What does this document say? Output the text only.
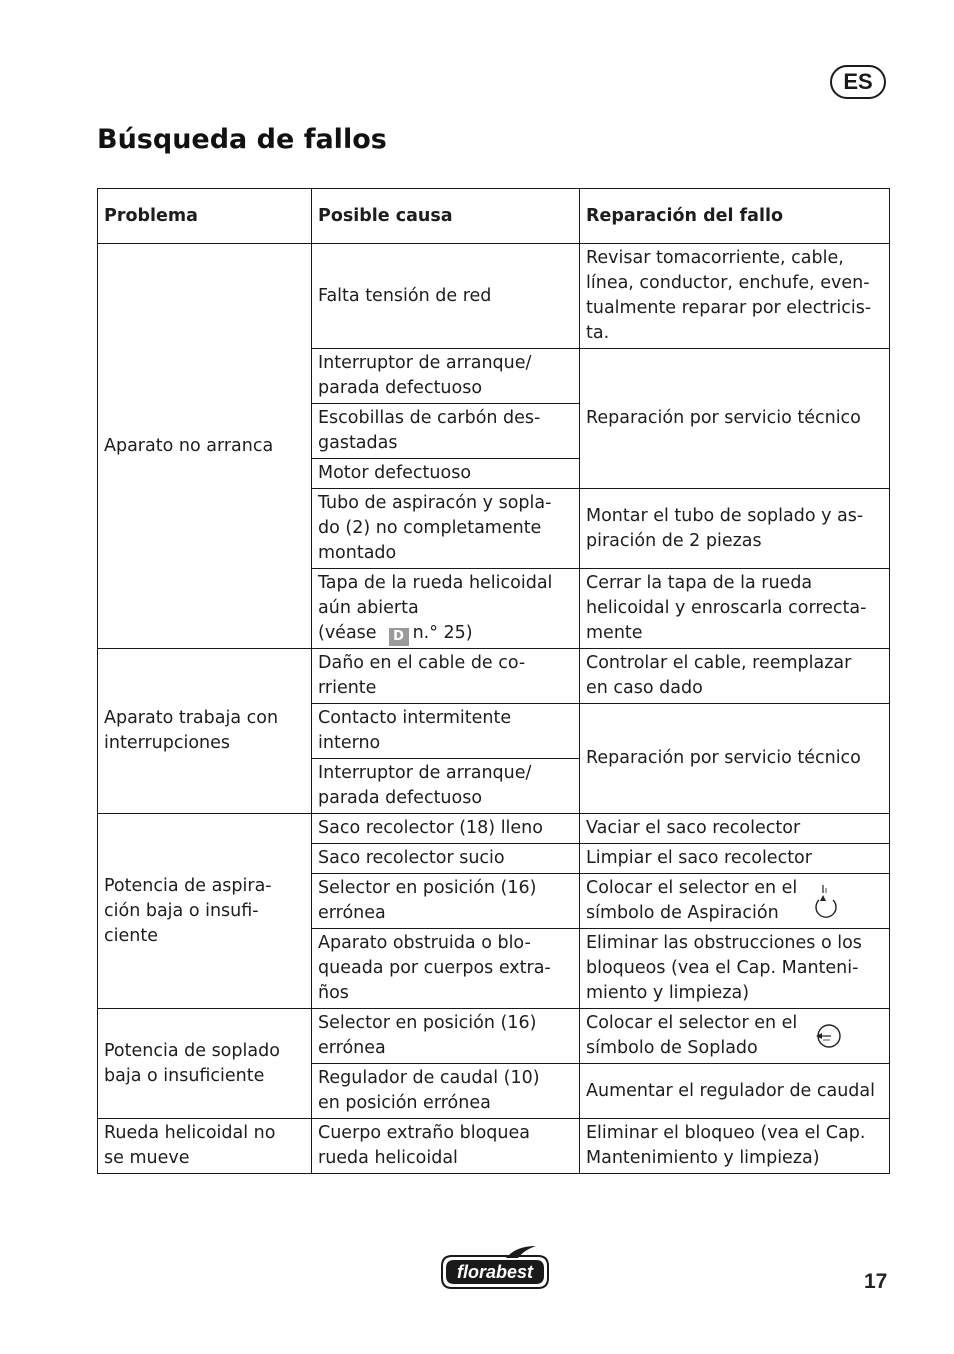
ES
Búsqueda de fallos
Problema	Posible causa	Reparación del fallo
Aparato no arranca	Falta tensión de red	Revisar tomacorriente, cable,
línea, conductor, enchufe, even-
tualmente reparar por electricis-
ta.
	Interruptor de arranque/
parada defectuoso	Reparación por servicio técnico
	Escobillas de carbón des-
gastadas	
	Motor defectuoso	
	Tubo de aspiracón y sopla-
do (2) no completamente
montado	Montar el tubo de soplado y as-
piración de 2 piezas
	Tapa de la rueda helicoidal
aún abierta
(véase D n.° 25)	Cerrar la tapa de la rueda
helicoidal y enroscarla correcta-
mente
Aparato trabaja con
interrupciones	Daño en el cable de co-
rriente	Controlar el cable, reemplazar
en caso dado
	Contacto intermitente interno	Reparación por servicio técnico
	Interruptor de arranque/
parada defectuoso	
Potencia de aspira-
ción baja o insufi-
ciente	Saco recolector (18) lleno	Vaciar el saco recolector
	Saco recolector sucio	Limpiar el saco recolector
	Selector en posición (16)
errónea	Colocar el selector en el
símbolo de Aspiración

	Aparato obstruida o blo-
queada por cuerpos extra-
ños	Eliminar las obstrucciones o los
bloqueos (vea el Cap. Manteni-
miento y limpieza)
Potencia de soplado
baja o insuficiente	Selector en posición (16)
errónea	Colocar el selector en el
símbolo de Soplado

	Regulador de caudal (10)
en posición errónea	Aumentar el regulador de caudal
Rueda helicoidal no
se mueve	Cuerpo extraño bloquea
rueda helicoidal	Eliminar el bloqueo (vea el Cap.
Mantenimiento y limpieza)
florabest	17
